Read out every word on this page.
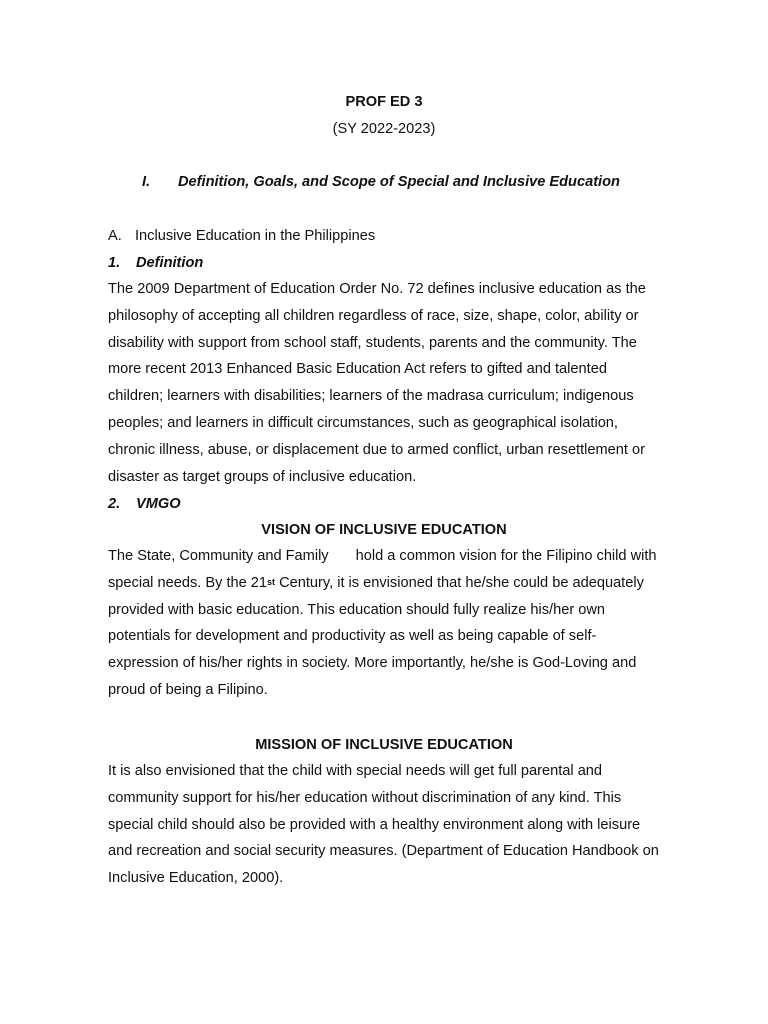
PROF ED 3
(SY 2022-2023)
I. Definition, Goals, and Scope of Special and Inclusive Education
A. Inclusive Education in the Philippines
1. Definition
The 2009 Department of Education Order No. 72 defines inclusive education as the
philosophy of accepting all children regardless of race, size, shape, color, ability or
disability with support from school staff, students, parents and the community. The
more recent 2013 Enhanced Basic Education Act refers to gifted and talented
children; learners with disabilities; learners of the madrasa curriculum; indigenous
peoples; and learners in difficult circumstances, such as geographical isolation,
chronic illness, abuse, or displacement due to armed conflict, urban resettlement or
disaster as target groups of inclusive education.
2. VMGO
VISION OF INCLUSIVE EDUCATION
The State, Community and Family hold a common vision for the Filipino child with
special needs. By the 21st Century, it is envisioned that he/she could be adequately
provided with basic education. This education should fully realize his/her own
potentials for development and productivity as well as being capable of self-
expression of his/her rights in society. More importantly, he/she is God-Loving and
proud of being a Filipino.
MISSION OF INCLUSIVE EDUCATION
It is also envisioned that the child with special needs will get full parental and
community support for his/her education without discrimination of any kind. This
special child should also be provided with a healthy environment along with leisure
and recreation and social security measures. (Department of Education Handbook on
Inclusive Education, 2000).
